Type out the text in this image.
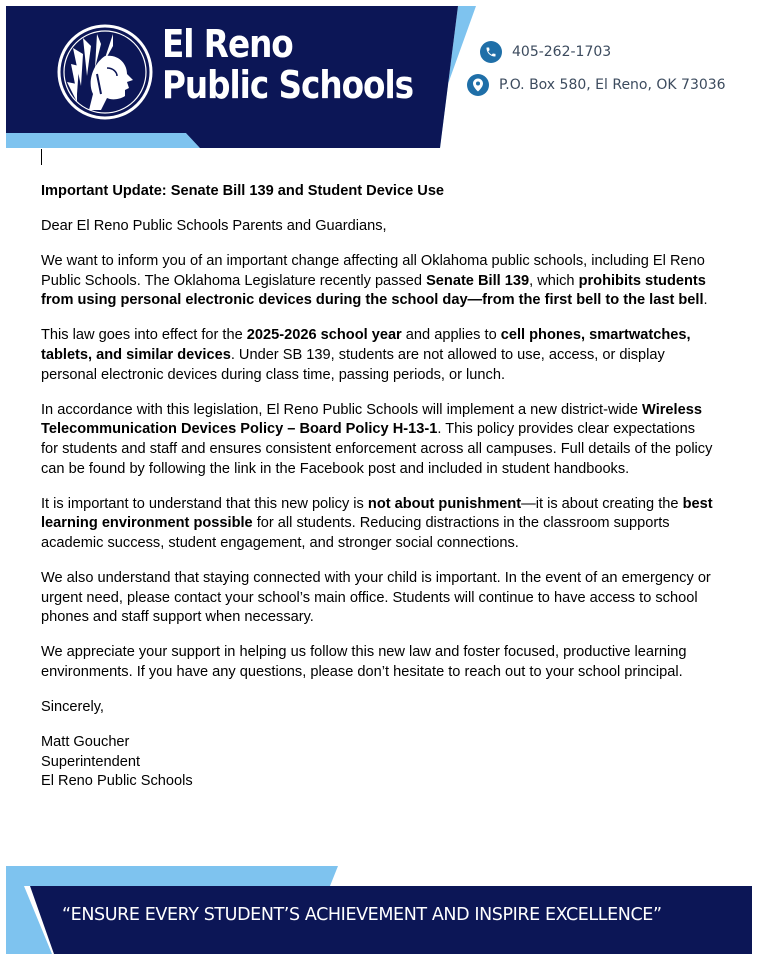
El Reno
Public Schools
405-262-1703
P.O. Box 580, El Reno, OK 73036

Important Update: Senate Bill 139 and Student Device Use

Dear El Reno Public Schools Parents and Guardians,

We want to inform you of an important change affecting all Oklahoma public schools, including El Reno Public Schools. The Oklahoma Legislature recently passed Senate Bill 139, which prohibits students from using personal electronic devices during the school day—from the first bell to the last bell.

This law goes into effect for the 2025-2026 school year and applies to cell phones, smartwatches, tablets, and similar devices. Under SB 139, students are not allowed to use, access, or display personal electronic devices during class time, passing periods, or lunch.

In accordance with this legislation, El Reno Public Schools will implement a new district-wide Wireless Telecommunication Devices Policy – Board Policy H-13-1. This policy provides clear expectations for students and staff and ensures consistent enforcement across all campuses. Full details of the policy can be found by following the link in the Facebook post and included in student handbooks.

It is important to understand that this new policy is not about punishment—it is about creating the best learning environment possible for all students. Reducing distractions in the classroom supports academic success, student engagement, and stronger social connections.

We also understand that staying connected with your child is important. In the event of an emergency or urgent need, please contact your school’s main office. Students will continue to have access to school phones and staff support when necessary.

We appreciate your support in helping us follow this new law and foster focused, productive learning environments. If you have any questions, please don’t hesitate to reach out to your school principal.

Sincerely,

Matt Goucher
Superintendent
El Reno Public Schools

“ENSURE EVERY STUDENT’S ACHIEVEMENT AND INSPIRE EXCELLENCE”
